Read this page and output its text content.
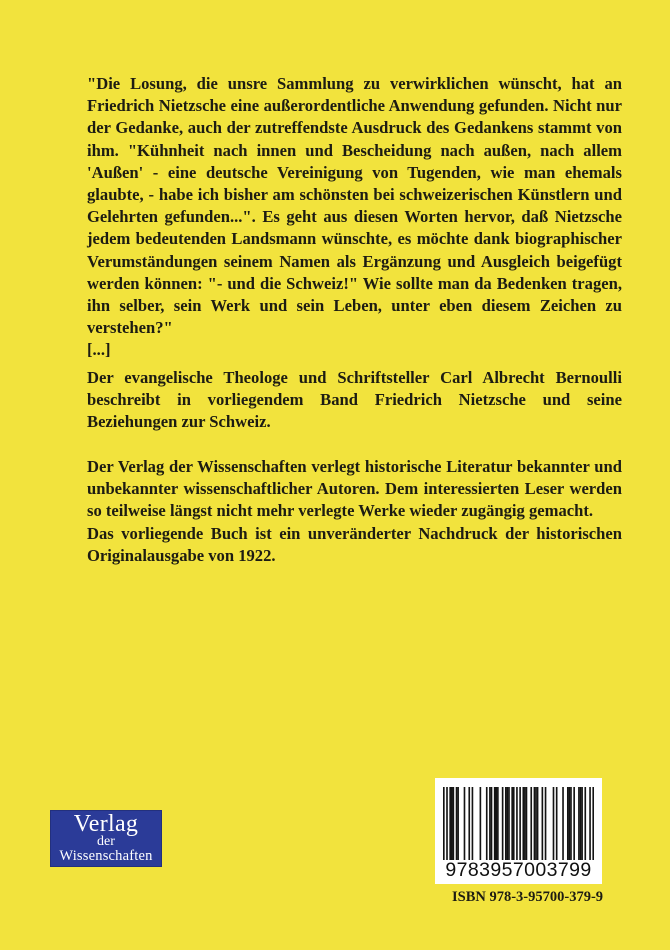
"Die Losung, die unsre Sammlung zu verwirklichen wünscht, hat an Friedrich Nietzsche eine außerordentliche Anwendung gefunden. Nicht nur der Gedanke, auch der zutreffendste Ausdruck des Gedankens stammt von ihm. "Kühnheit nach innen und Bescheidung nach außen, nach allem 'Außen' - eine deutsche Vereinigung von Tugenden, wie man ehemals glaubte, - habe ich bisher am schönsten bei schweizerischen Künstlern und Gelehrten gefunden...". Es geht aus diesen Worten hervor, daß Nietzsche jedem bedeutenden Landsmann wünschte, es möchte dank biographischer Verumständungen seinem Namen als Ergänzung und Ausgleich beigefügt werden können: "- und die Schweiz!" Wie sollte man da Bedenken tragen, ihn selber, sein Werk und sein Leben, unter eben diesem Zeichen zu verstehen?"

[...]

Der evangelische Theologe und Schriftsteller Carl Albrecht Bernoulli beschreibt in vorliegendem Band Friedrich Nietzsche und seine Beziehungen zur Schweiz.

Der Verlag der Wissenschaften verlegt historische Literatur bekannter und unbekannter wissenschaftlicher Autoren. Dem interessierten Leser werden so teilweise längst nicht mehr verlegte Werke wieder zugängig gemacht.

Das vorliegende Buch ist ein unveränderter Nachdruck der historischen Originalausgabe von 1922.

Verlag
der
Wissenschaften
9783957003799
ISBN 978-3-95700-379-9
